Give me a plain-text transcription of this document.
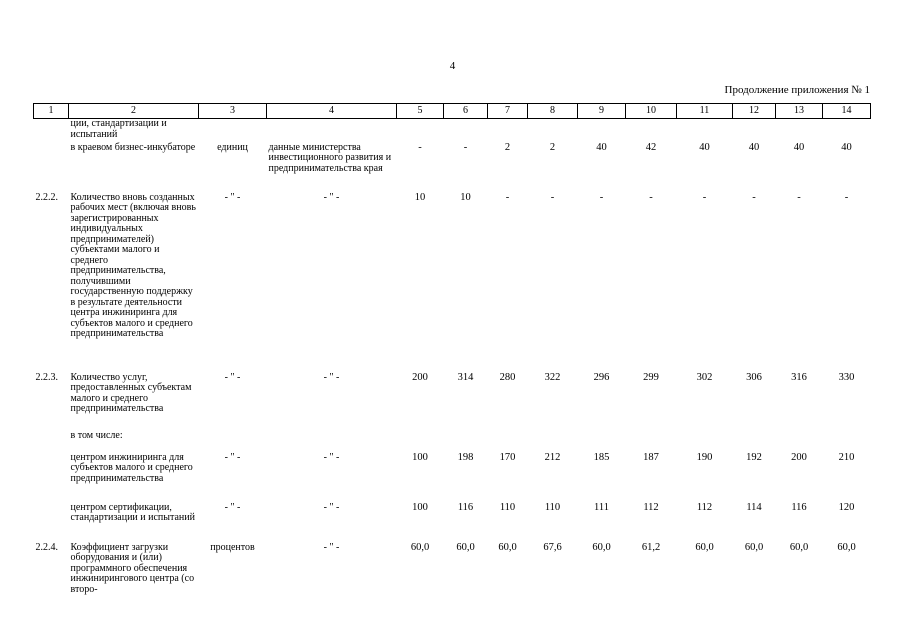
4
Продолжение приложения № 1
1	2	3	4	5	6	7	8	9	10	11	12	13	14
	ции, стандартизации и испытаний												
	в краевом бизнес-инкубаторе	единиц	данные министерства инвестиционного развития и предпринимательства края	-	-	2	2	40	42	40	40	40	40
2.2.2.	Количество вновь созданных рабочих мест (включая вновь зарегистрированных индивидуальных предпринимателей) субъектами малого и среднего предпринимательства, получившими государственную поддержку в результате деятельности центра инжиниринга для субъектов малого и среднего предпринимательства	- " -	- " -	10	10	-	-	-	-	-	-	-	-
2.2.3.	Количество услуг, предоставленных субъектам малого и среднего предпринимательства	- " -	- " -	200	314	280	322	296	299	302	306	316	330
	в том числе:												
	центром инжиниринга для субъектов малого и среднего предпринимательства	- " -	- " -	100	198	170	212	185	187	190	192	200	210
	центром сертификации, стандартизации и испытаний	- " -	- " -	100	116	110	110	111	112	112	114	116	120
2.2.4.	Коэффициент загрузки оборудования и (или) программного обеспечения инжинирингового центра (со второ-	процентов	- " -	60,0	60,0	60,0	67,6	60,0	61,2	60,0	60,0	60,0	60,0
